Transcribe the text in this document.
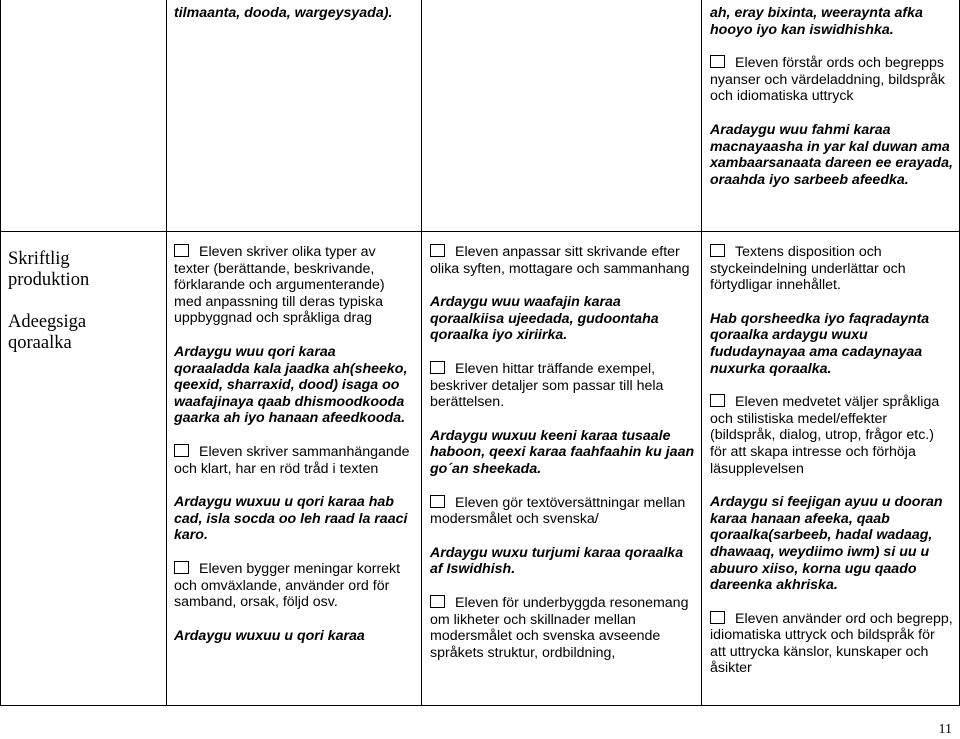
tilmaanta, dooda, wargeysyada).	ah, eray bixinta, weeraynta afka hooyo iyo kan iswidhishka.

Eleven förstår ords och begrepps nyanser och värdeladdning, bildspråk och idiomatiska uttryck

Aradaygu wuu fahmi karaa macnayaasha in yar kal duwan ama xambaarsanaata dareen ee erayada, oraahda iyo sarbeeb afeedka.

Skriftlig produktion

Adeegsiga qoraalka

Eleven skriver olika typer av texter (berättande, beskrivande, förklarande och argumenterande) med anpassning till deras typiska uppbyggnad och språkliga drag

Ardaygu wuu qori karaa qoraaladda kala jaadka ah(sheeko, qeexid, sharraxid, dood) isaga oo waafajinaya qaab dhismoodkooda gaarka ah iyo hanaan afeedkooda.

Eleven skriver sammanhängande och klart, har en röd tråd i texten

Ardaygu wuxuu u qori karaa hab cad, isla socda oo leh raad la raaci karo.

Eleven bygger meningar korrekt och omväxlande, använder ord för samband, orsak, följd osv.

Ardaygu wuxuu u qori karaa

Eleven anpassar sitt skrivande efter olika syften, mottagare och sammanhang

Ardaygu wuu waafajin karaa qoraalkiisa ujeedada, gudoontaha qoraalka iyo xiriirka.

Eleven hittar träffande exempel, beskriver detaljer som passar till hela berättelsen.

Ardaygu wuxuu keeni karaa tusaale haboon, qeexi karaa faahfaahin ku jaan go´an sheekada.

Eleven gör textöversättningar mellan modersmålet och svenska/

Ardaygu wuxu turjumi karaa qoraalka af Iswidhish.

Eleven för underbyggda resonemang om likheter och skillnader mellan modersmålet och svenska avseende språkets struktur, ordbildning,

Textens disposition och styckeindelning underlättar och förtydligar innehållet.

Hab qorsheedka iyo faqradaynta qoraalka ardaygu wuxu fududaynayaa ama cadaynayaa nuxurka qoraalka.

Eleven medvetet väljer språkliga och stilistiska medel/effekter (bildspråk, dialog, utrop, frågor etc.) för att skapa intresse och förhöja läsupplevelsen

Ardaygu si feejigan ayuu u dooran karaa hanaan afeeka, qaab qoraalka(sarbeeb, hadal wadaag, dhawaaq, weydiimo iwm) si uu u abuuro xiiso, korna ugu qaado dareenka akhriska.

Eleven använder ord och begrepp, idiomatiska uttryck och bildspråk för att uttrycka känslor, kunskaper och åsikter

11
